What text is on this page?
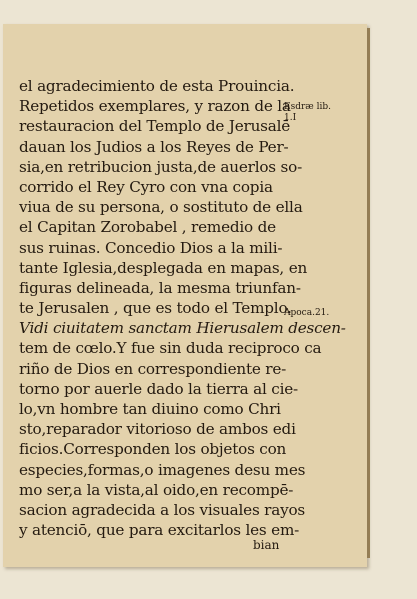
el agradecimiento de esta Prouincia.
Repetidos exemplares, y razon de la
restauracion del Templo de Jerusalē
dauan los Judios a los Reyes de Per-
sia,en retribucion justa,de auerlos so-
corrido el Rey Cyro con vna copia
viua de su persona, o sostituto de ella
el Capitan Zorobabel , remedio de
sus ruinas. Concedio Dios a la mili-
tante Iglesia,desplegada en mapas, en
figuras delineada, la mesma triunfan-
te Jerusalen , que es todo el Templo.
Vidi ciuitatem sanctam Hierusalem descen-
tem de cœlo.Y fue sin duda reciproco ca
riño de Dios en correspondiente re-
torno por auerle dado la tierra al cie-
lo,vn hombre tan diuino como Chri
sto,reparador vitorioso de ambos edi
ficios.Corresponden los objetos con
especies,formas,o imagenes desu mes
mo ser,a la vista,al oido,en recompē-
sacion agradecida a los visuales rayos
y atenciō, que para excitarlos les em-
Esdræ lib.
1.I
Apoca.21.
bian
